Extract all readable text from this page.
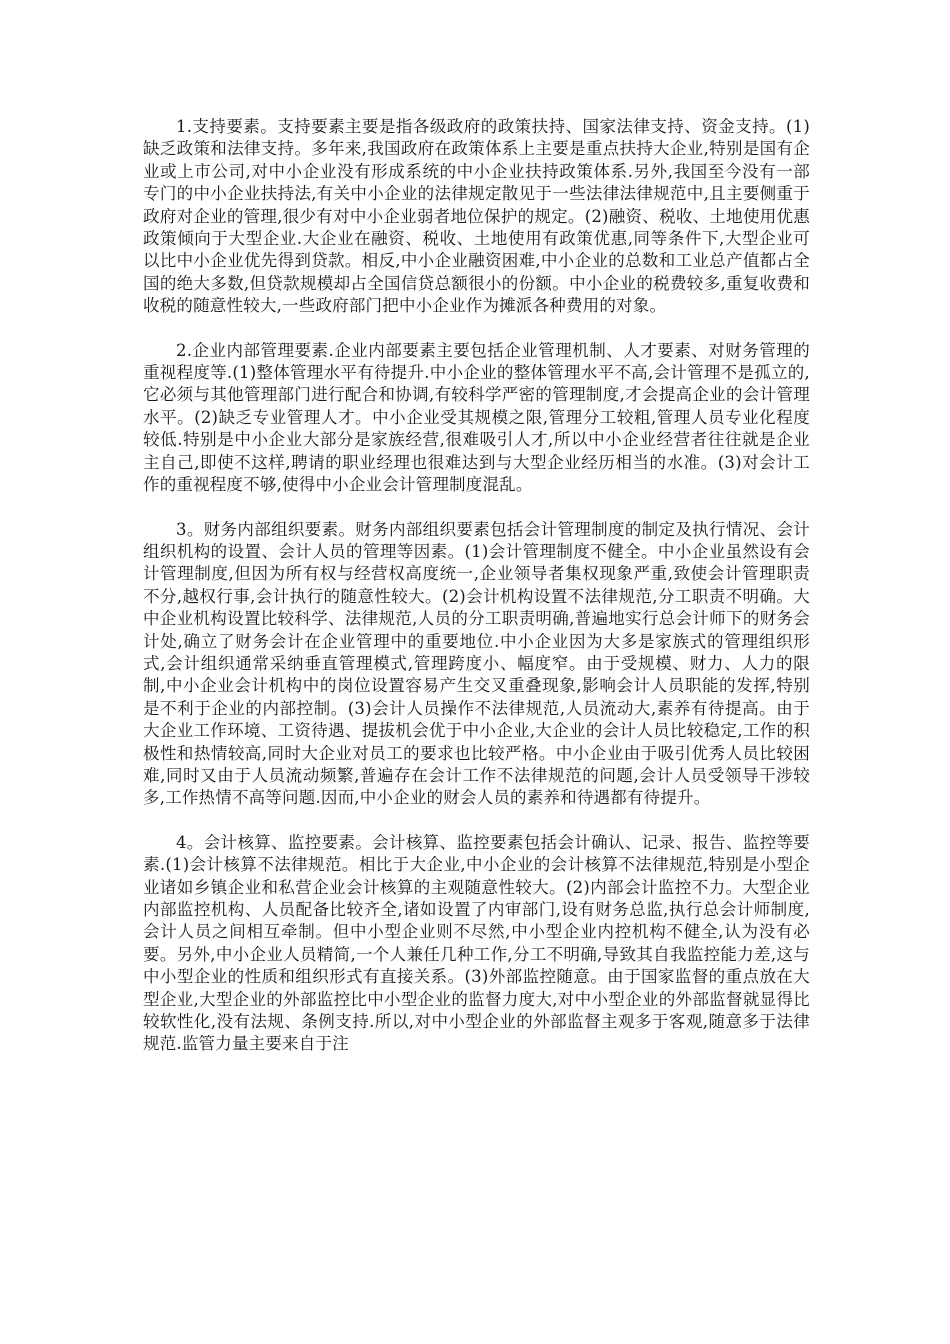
1.支持要素。支持要素主要是指各级政府的政策扶持、国家法律支持、资金支持。(1)缺乏政策和法律支持。多年来,我国政府在政策体系上主要是重点扶持大企业,特别是国有企业或上市公司,对中小企业没有形成系统的中小企业扶持政策体系.另外,我国至今没有一部专门的中小企业扶持法,有关中小企业的法律规定散见于一些法律法律规范中,且主要侧重于政府对企业的管理,很少有对中小企业弱者地位保护的规定。(2)融资、税收、土地使用优惠政策倾向于大型企业.大企业在融资、税收、土地使用有政策优惠,同等条件下,大型企业可以比中小企业优先得到贷款。相反,中小企业融资困难,中小企业的总数和工业总产值都占全国的绝大多数,但贷款规模却占全国信贷总额很小的份额。中小企业的税费较多,重复收费和收税的随意性较大,一些政府部门把中小企业作为摊派各种费用的对象。

2.企业内部管理要素.企业内部要素主要包括企业管理机制、人才要素、对财务管理的重视程度等.(1)整体管理水平有待提升.中小企业的整体管理水平不高,会计管理不是孤立的,它必须与其他管理部门进行配合和协调,有较科学严密的管理制度,才会提高企业的会计管理水平。(2)缺乏专业管理人才。中小企业受其规模之限,管理分工较粗,管理人员专业化程度较低.特别是中小企业大部分是家族经营,很难吸引人才,所以中小企业经营者往往就是企业主自己,即使不这样,聘请的职业经理也很难达到与大型企业经历相当的水准。(3)对会计工作的重视程度不够,使得中小企业会计管理制度混乱。

3。财务内部组织要素。财务内部组织要素包括会计管理制度的制定及执行情况、会计组织机构的设置、会计人员的管理等因素。(1)会计管理制度不健全。中小企业虽然设有会计管理制度,但因为所有权与经营权高度统一,企业领导者集权现象严重,致使会计管理职责不分,越权行事,会计执行的随意性较大。(2)会计机构设置不法律规范,分工职责不明确。大中企业机构设置比较科学、法律规范,人员的分工职责明确,普遍地实行总会计师下的财务会计处,确立了财务会计在企业管理中的重要地位.中小企业因为大多是家族式的管理组织形式,会计组织通常采纳垂直管理模式,管理跨度小、幅度窄。由于受规模、财力、人力的限制,中小企业会计机构中的岗位设置容易产生交叉重叠现象,影响会计人员职能的发挥,特别是不利于企业的内部控制。(3)会计人员操作不法律规范,人员流动大,素养有待提高。由于大企业工作环境、工资待遇、提拔机会优于中小企业,大企业的会计人员比较稳定,工作的积极性和热情较高,同时大企业对员工的要求也比较严格。中小企业由于吸引优秀人员比较困难,同时又由于人员流动频繁,普遍存在会计工作不法律规范的问题,会计人员受领导干涉较多,工作热情不高等问题.因而,中小企业的财会人员的素养和待遇都有待提升。

4。会计核算、监控要素。会计核算、监控要素包括会计确认、记录、报告、监控等要素.(1)会计核算不法律规范。相比于大企业,中小企业的会计核算不法律规范,特别是小型企业诸如乡镇企业和私营企业会计核算的主观随意性较大。(2)内部会计监控不力。大型企业内部监控机构、人员配备比较齐全,诸如设置了内审部门,设有财务总监,执行总会计师制度,会计人员之间相互牵制。但中小型企业则不尽然,中小型企业内控机构不健全,认为没有必要。另外,中小企业人员精简,一个人兼任几种工作,分工不明确,导致其自我监控能力差,这与中小型企业的性质和组织形式有直接关系。(3)外部监控随意。由于国家监督的重点放在大型企业,大型企业的外部监控比中小型企业的监督力度大,对中小型企业的外部监督就显得比较软性化,没有法规、条例支持.所以,对中小型企业的外部监督主观多于客观,随意多于法律规范.监管力量主要来自于注
